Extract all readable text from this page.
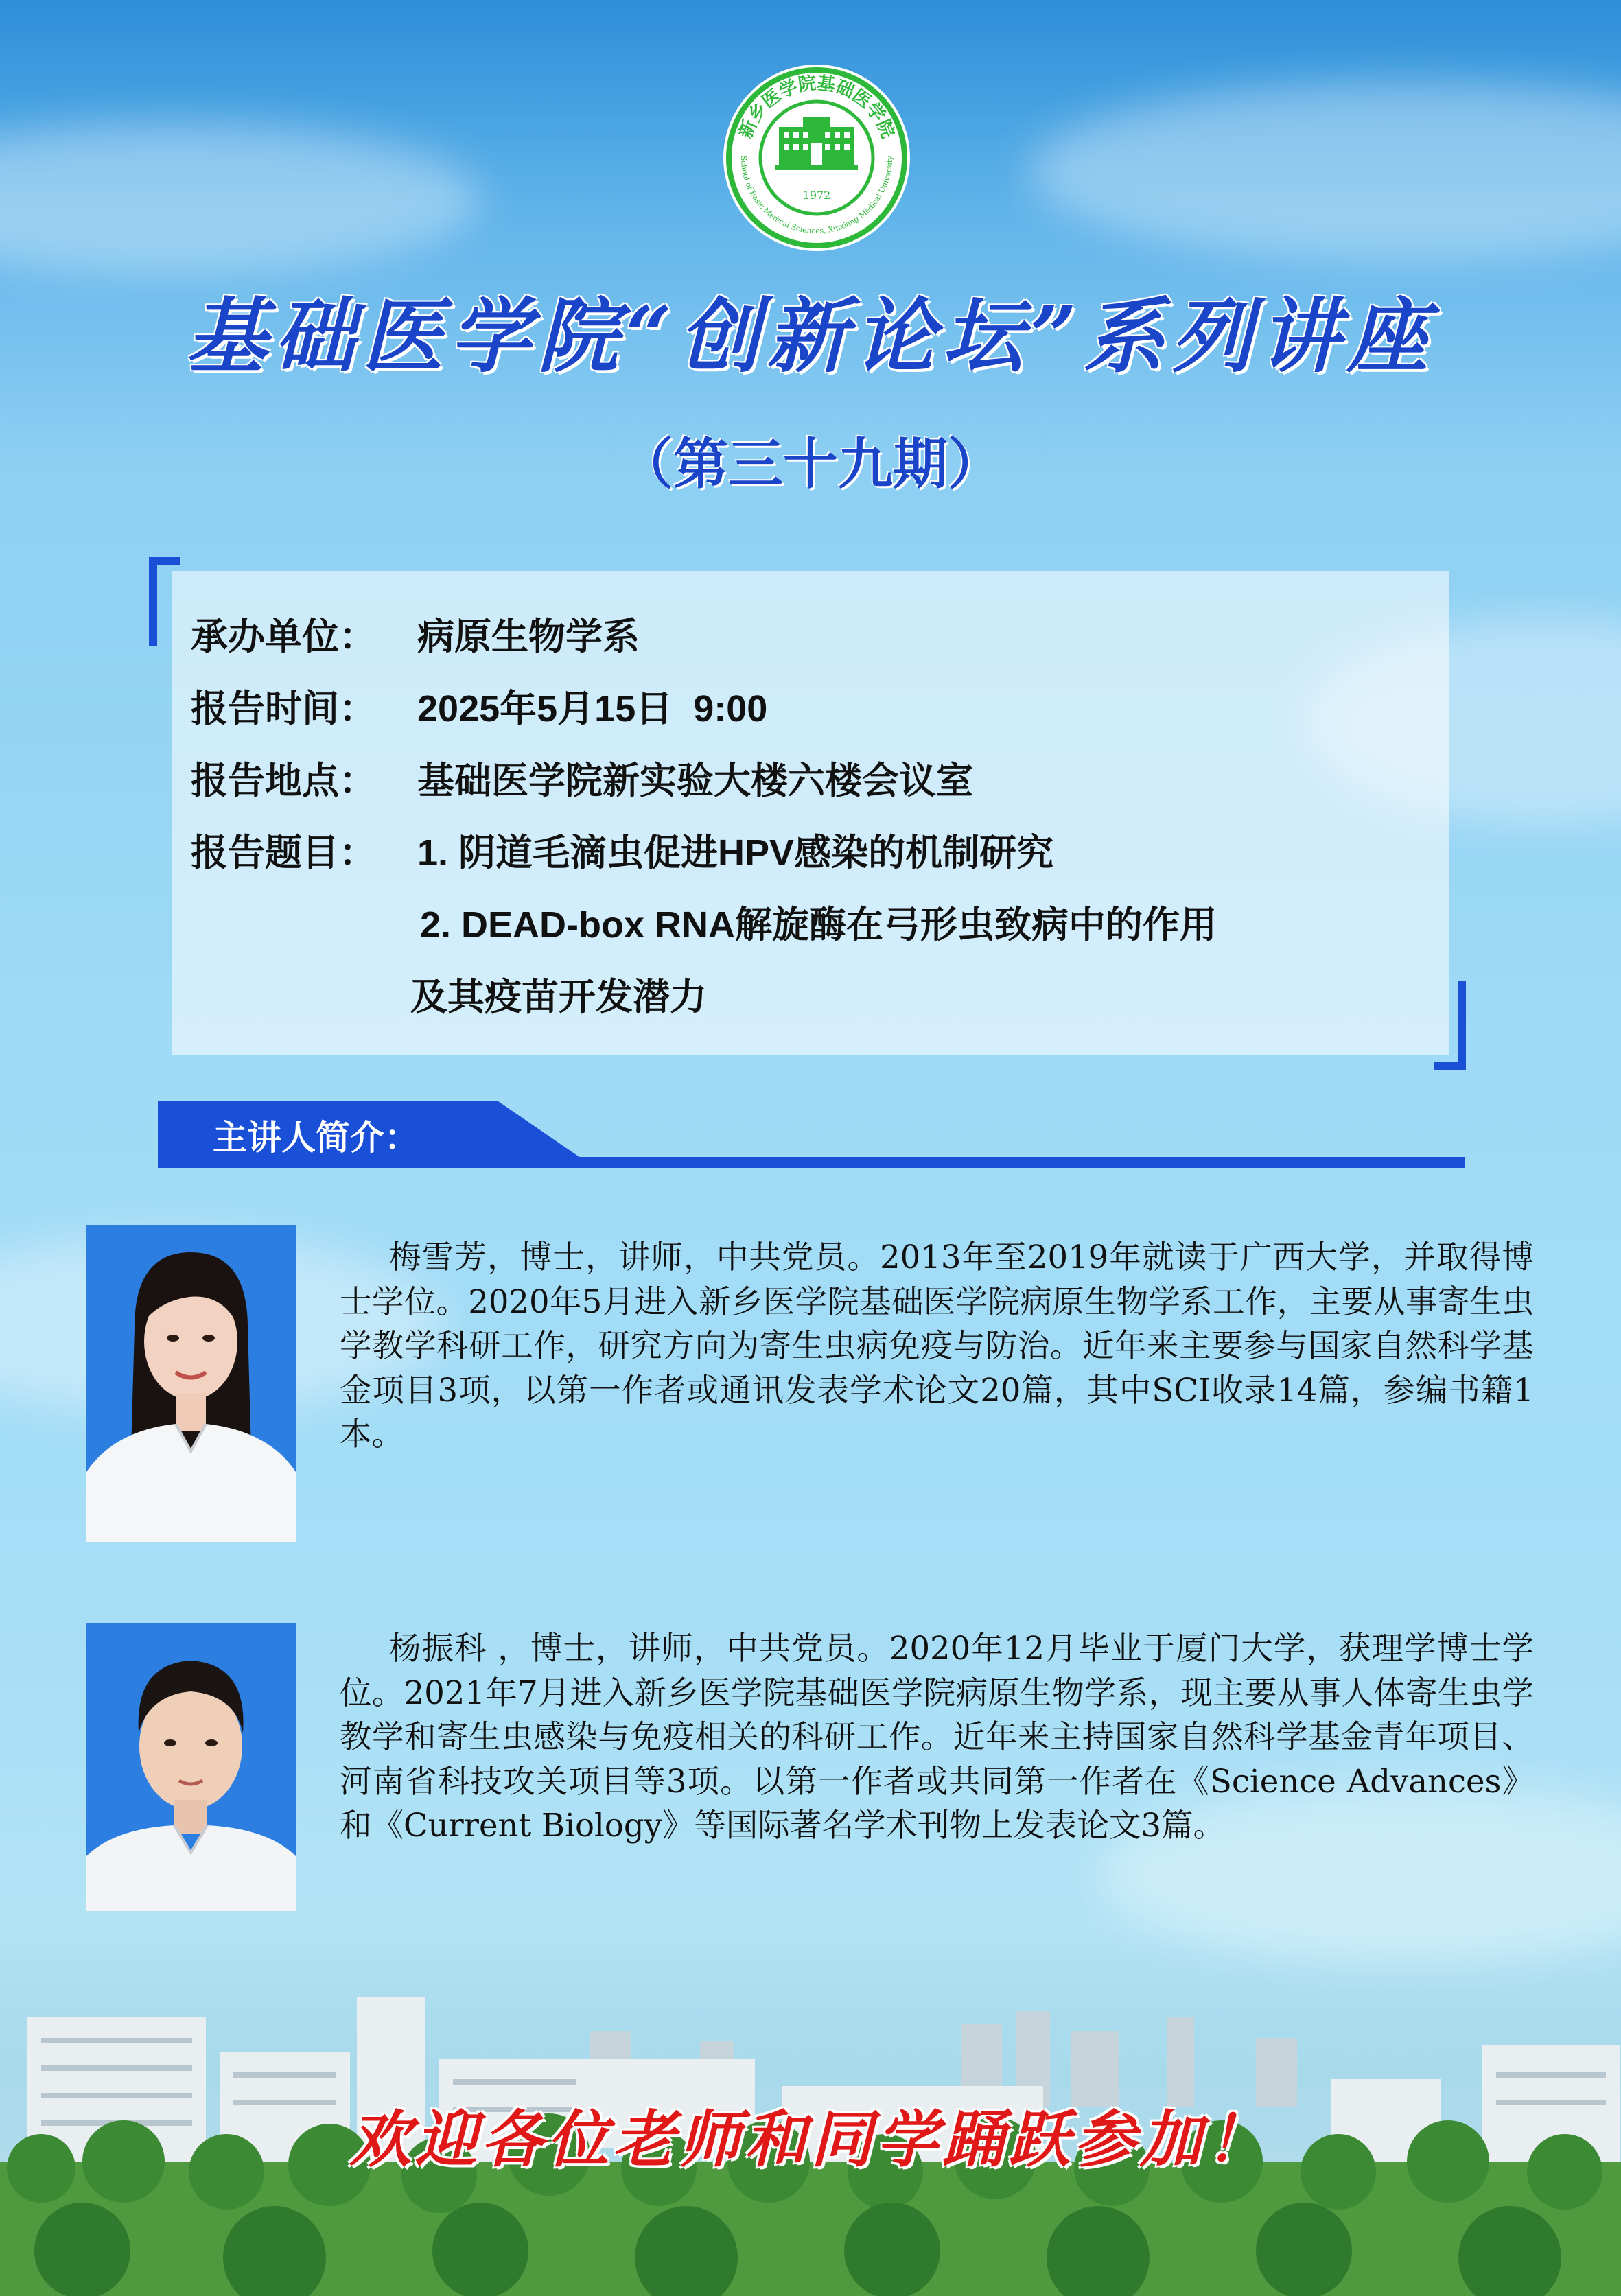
新乡医学院基础医学院
School of Basic Medical Sciences, Xinxiang Medical University
1972
基础医学院“创新论坛”系列讲座
（第三十九期）
承办单位： 病原生物学系
报告时间： 2025年5月15日  9:00
报告地点： 基础医学院新实验大楼六楼会议室
报告题目： 1. 阴道毛滴虫促进HPV感染的机制研究
2. DEAD-box RNA解旋酶在弓形虫致病中的作用
及其疫苗开发潜力
主讲人简介：

梅雪芳，博士，讲师，中共党员。2013年至2019年就读于广西大学，并取得博士学位。2020年5月进入新乡医学院基础医学院病原生物学系工作，主要从事寄生虫学教学科研工作，研究方向为寄生虫病免疫与防治。近年来主要参与国家自然科学基金项目3项，以第一作者或通讯发表学术论文20篇，其中SCI收录14篇，参编书籍1本。

杨振科 ，博士，讲师，中共党员。2020年12月毕业于厦门大学，获理学博士学位。2021年7月进入新乡医学院基础医学院病原生物学系，现主要从事人体寄生虫学教学和寄生虫感染与免疫相关的科研工作。近年来主持国家自然科学基金青年项目、河南省科技攻关项目等3项。以第一作者或共同第一作者在《Science Advances》和《Current Biology》等国际著名学术刊物上发表论文3篇。

欢迎各位老师和同学踊跃参加！
